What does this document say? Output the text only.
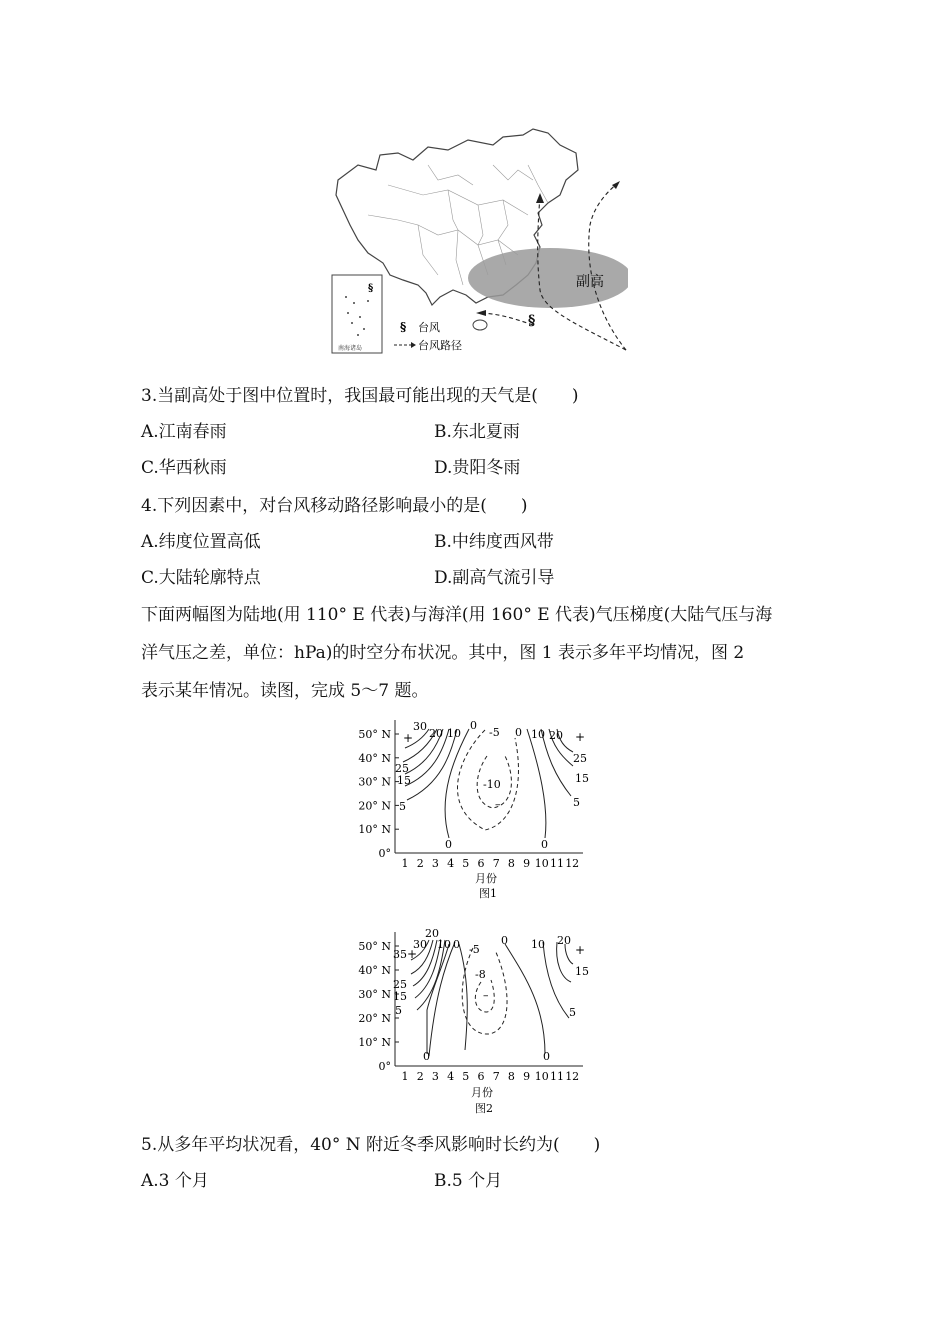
副高
§
§
南海诸岛
§ 台风
台风路径
3.当副高处于图中位置时，我国最可能出现的天气是(　　)
A.江南春雨	B.东北夏雨
C.华西秋雨	D.贵阳冬雨
4.下列因素中，对台风移动路径影响最小的是(　　)
A.纬度位置高低	B.中纬度西风带
C.大陆轮廓特点	D.副高气流引导
下面两幅图为陆地(用 110° E 代表)与海洋(用 160° E 代表)气压梯度(大陆气压与海
洋气压之差，单位：hPa)的时空分布状况。其中，图 1 表示多年平均情况，图 2
表示某年情况。读图，完成 5～7 题。
1 2 3 4 5 6 7 8 9 10 11 12
0°
10° N
20° N
30° N
40° N
50° N
30
20 10
25
15
5
0
0
-5
-10
–
0 10 20
25
15
5
0
+	+
月份
图1
1 2 3 4 5 6 7 8 9 10 11 12
0°
10° N
20° N
30° N
40° N
50° N
20
30 10 0
35
25
15
5
0
-5
0
-8
–
10 20
15
5
0
+	+
月份
图2
5.从多年平均状况看，40° N 附近冬季风影响时长约为(　　)
A.3 个月	B.5 个月
